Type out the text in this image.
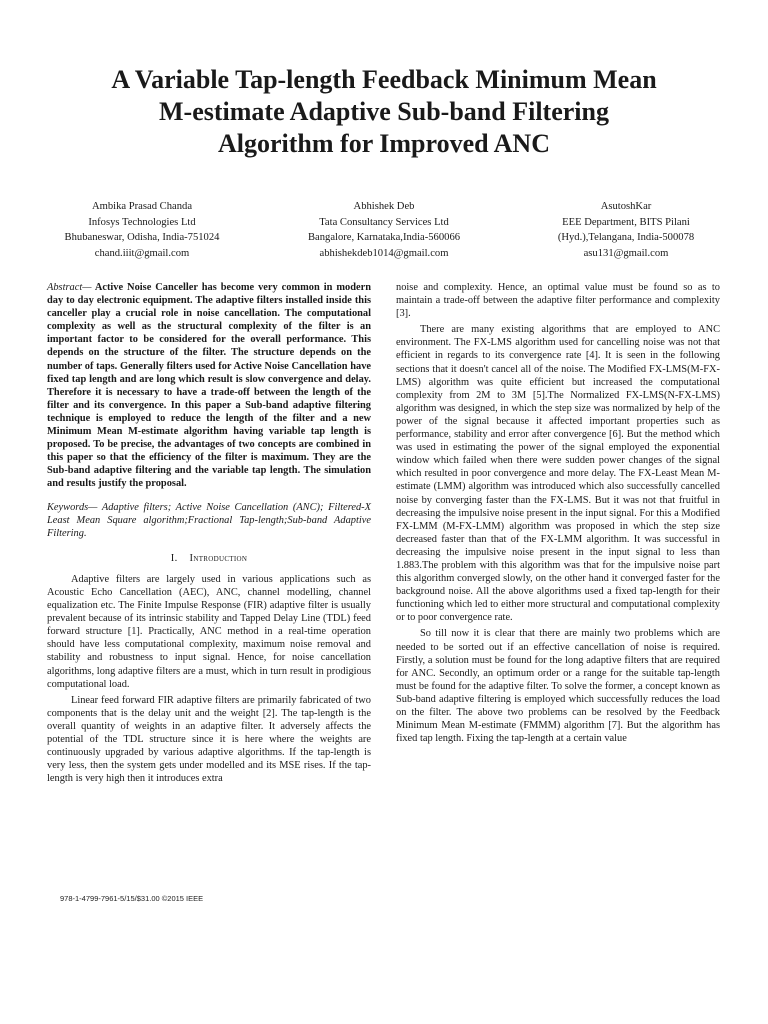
A Variable Tap-length Feedback Minimum Mean
M-estimate Adaptive Sub-band Filtering
Algorithm for Improved ANC
Ambika Prasad Chanda
Infosys Technologies Ltd
Bhubaneswar, Odisha, India-751024
chand.iiit@gmail.com
Abhishek Deb
Tata Consultancy Services Ltd
Bangalore, Karnataka,India-560066
abhishekdeb1014@gmail.com
AsutoshKar
EEE Department, BITS Pilani
(Hyd.),Telangana, India-500078
asu131@gmail.com

Abstract— Active Noise Canceller has become very common in modern day to day electronic equipment. The adaptive filters installed inside this canceller play a crucial role in noise cancellation. The computational complexity as well as the structural complexity of the filter is an important factor to be considered for the overall performance. This depends on the structure of the filter. The structure depends on the number of taps. Generally filters used for Active Noise Cancellation have fixed tap length and are long which result is slow convergence and delay. Therefore it is necessary to have a trade-off between the length of the filter and its convergence. In this paper a Sub-band adaptive filtering technique is employed to reduce the length of the filter and a new Minimum Mean M-estimate algorithm having variable tap length is proposed. To be precise, the advantages of two concepts are combined in this paper so that the efficiency of the filter is maximum. They are the Sub-band adaptive filtering and the variable tap length. The simulation and results justify the proposal.

Keywords— Adaptive filters; Active Noise Cancellation (ANC); Filtered-X Least Mean Square algorithm;Fractional Tap-length;Sub-band Adaptive Filtering.

I. Introduction

Adaptive filters are largely used in various applications such as Acoustic Echo Cancellation (AEC), ANC, channel modelling, channel equalization etc. The Finite Impulse Response (FIR) adaptive filter is usually prevalent because of its intrinsic stability and Tapped Delay Line (TDL) feed forward structure [1]. Practically, ANC method in a real-time operation should have less computational complexity, maximum noise removal and stability and robustness to input signal. Hence, for noise cancellation algorithms, long adaptive filters are a must, which in turn result in prodigious computational load.

Linear feed forward FIR adaptive filters are primarily fabricated of two components that is the delay unit and the weight [2]. The tap-length is the overall quantity of weights in an adaptive filter. It adversely affects the potential of the TDL structure since it is here where the weights are continuously upgraded by various adaptive algorithms. If the tap-length is very less, then the system gets under modelled and its MSE rises. If the tap-length is very high then it introduces extra

noise and complexity. Hence, an optimal value must be found so as to maintain a trade-off between the adaptive filter performance and complexity [3].

There are many existing algorithms that are employed to ANC environment. The FX-LMS algorithm used for cancelling noise was not that efficient in regards to its convergence rate [4]. It is seen in the following sections that it doesn't cancel all of the noise. The Modified FX-LMS(M-FX-LMS) algorithm was quite efficient but increased the computational complexity from 2M to 3M [5].The Normalized FX-LMS(N-FX-LMS) algorithm was designed, in which the step size was normalized by help of the power of the signal because it affected important properties such as performance, stability and error after convergence [6]. But the method which was used in estimating the power of the signal employed the exponential window which failed when there were sudden power changes of the signal which resulted in poor convergence and more delay. The FX-Least Mean M-estimate (LMM) algorithm was introduced which also successfully cancelled noise by converging faster than the FX-LMS. But it was not that fruitful in decreasing the impulsive noise present in the input signal. For this a Modified FX-LMM (M-FX-LMM) algorithm was proposed in which the step size decreased faster than that of the FX-LMM algorithm. It was successful in decreasing the impulsive noise present in the input signal to less than 1.883.The problem with this algorithm was that for the impulsive noise part this algorithm converged slowly, on the other hand it converged faster for the background noise. All the above algorithms used a fixed tap-length for their functioning which led to either more structural and computational complexity or to poor convergence rate.

So till now it is clear that there are mainly two problems which are needed to be sorted out if an effective cancellation of noise is required. Firstly, a solution must be found for the long adaptive filters that are required for ANC. Secondly, an optimum order or a range for the suitable tap-length must be found for the adaptive filter. To solve the former, a concept known as Sub-band adaptive filtering is employed which successfully reduces the load on the filter. The above two problems can be resolved by the Feedback Minimum Mean M-estimate (FMMM) algorithm [7]. But the algorithm has fixed tap length. Fixing the tap-length at a certain value

978-1-4799-7961-5/15/$31.00 ©2015 IEEE
